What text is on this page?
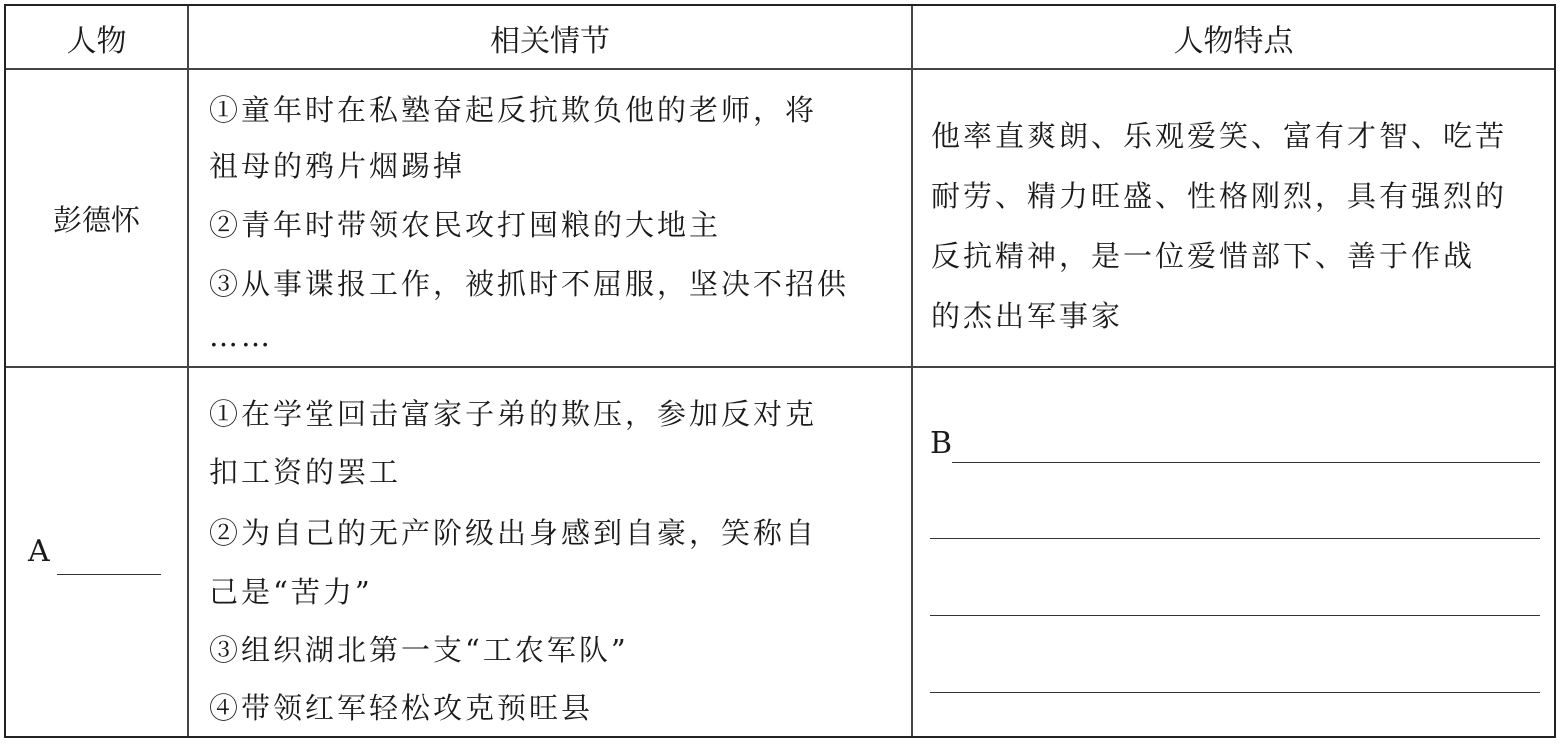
人物	相关情节	人物特点
彭德怀
①童年时在私塾奋起反抗欺负他的老师，将
祖母的鸦片烟踢掉
②青年时带领农民攻打囤粮的大地主
③从事谍报工作，被抓时不屈服，坚决不招供
……
他率直爽朗、乐观爱笑、富有才智、吃苦
耐劳、精力旺盛、性格刚烈，具有强烈的
反抗精神，是一位爱惜部下、善于作战
的杰出军事家
A
①在学堂回击富家子弟的欺压，参加反对克
扣工资的罢工
②为自己的无产阶级出身感到自豪，笑称自
己是“苦力”
③组织湖北第一支“工农军队”
④带领红军轻松攻克预旺县
B
